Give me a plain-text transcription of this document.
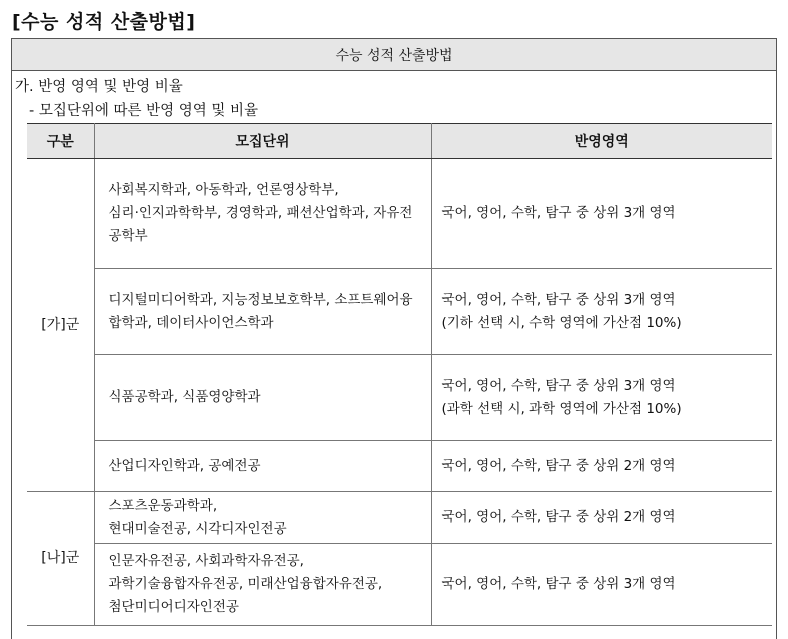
[수능 성적 산출방법]
수능 성적 산출방법
가. 반영 영역 및 반영 비율
- 모집단위에 따른 반영 영역 및 비율
구분	모집단위	반영영역
[가]군	사회복지학과, 아동학과, 언론영상학부,
심리·인지과학학부, 경영학과, 패션산업학과, 자유전
공학부	국어, 영어, 수학, 탐구 중 상위 3개 영역

	디지털미디어학과, 지능정보보호학부, 소프트웨어융
합학과, 데이터사이언스학과	국어, 영어, 수학, 탐구 중 상위 3개 영역
(기하 선택 시, 수학 영역에 가산점 10%)

	식품공학과, 식품영양학과	국어, 영어, 수학, 탐구 중 상위 3개 영역
(과학 선택 시, 과학 영역에 가산점 10%)

	산업디자인학과, 공예전공	국어, 영어, 수학, 탐구 중 상위 2개 영역

[나]군	스포츠운동과학과,
현대미술전공, 시각디자인전공	국어, 영어, 수학, 탐구 중 상위 2개 영역

	인문자유전공, 사회과학자유전공,
과학기술융합자유전공, 미래산업융합자유전공,
첨단미디어디자인전공	국어, 영어, 수학, 탐구 중 상위 3개 영역
